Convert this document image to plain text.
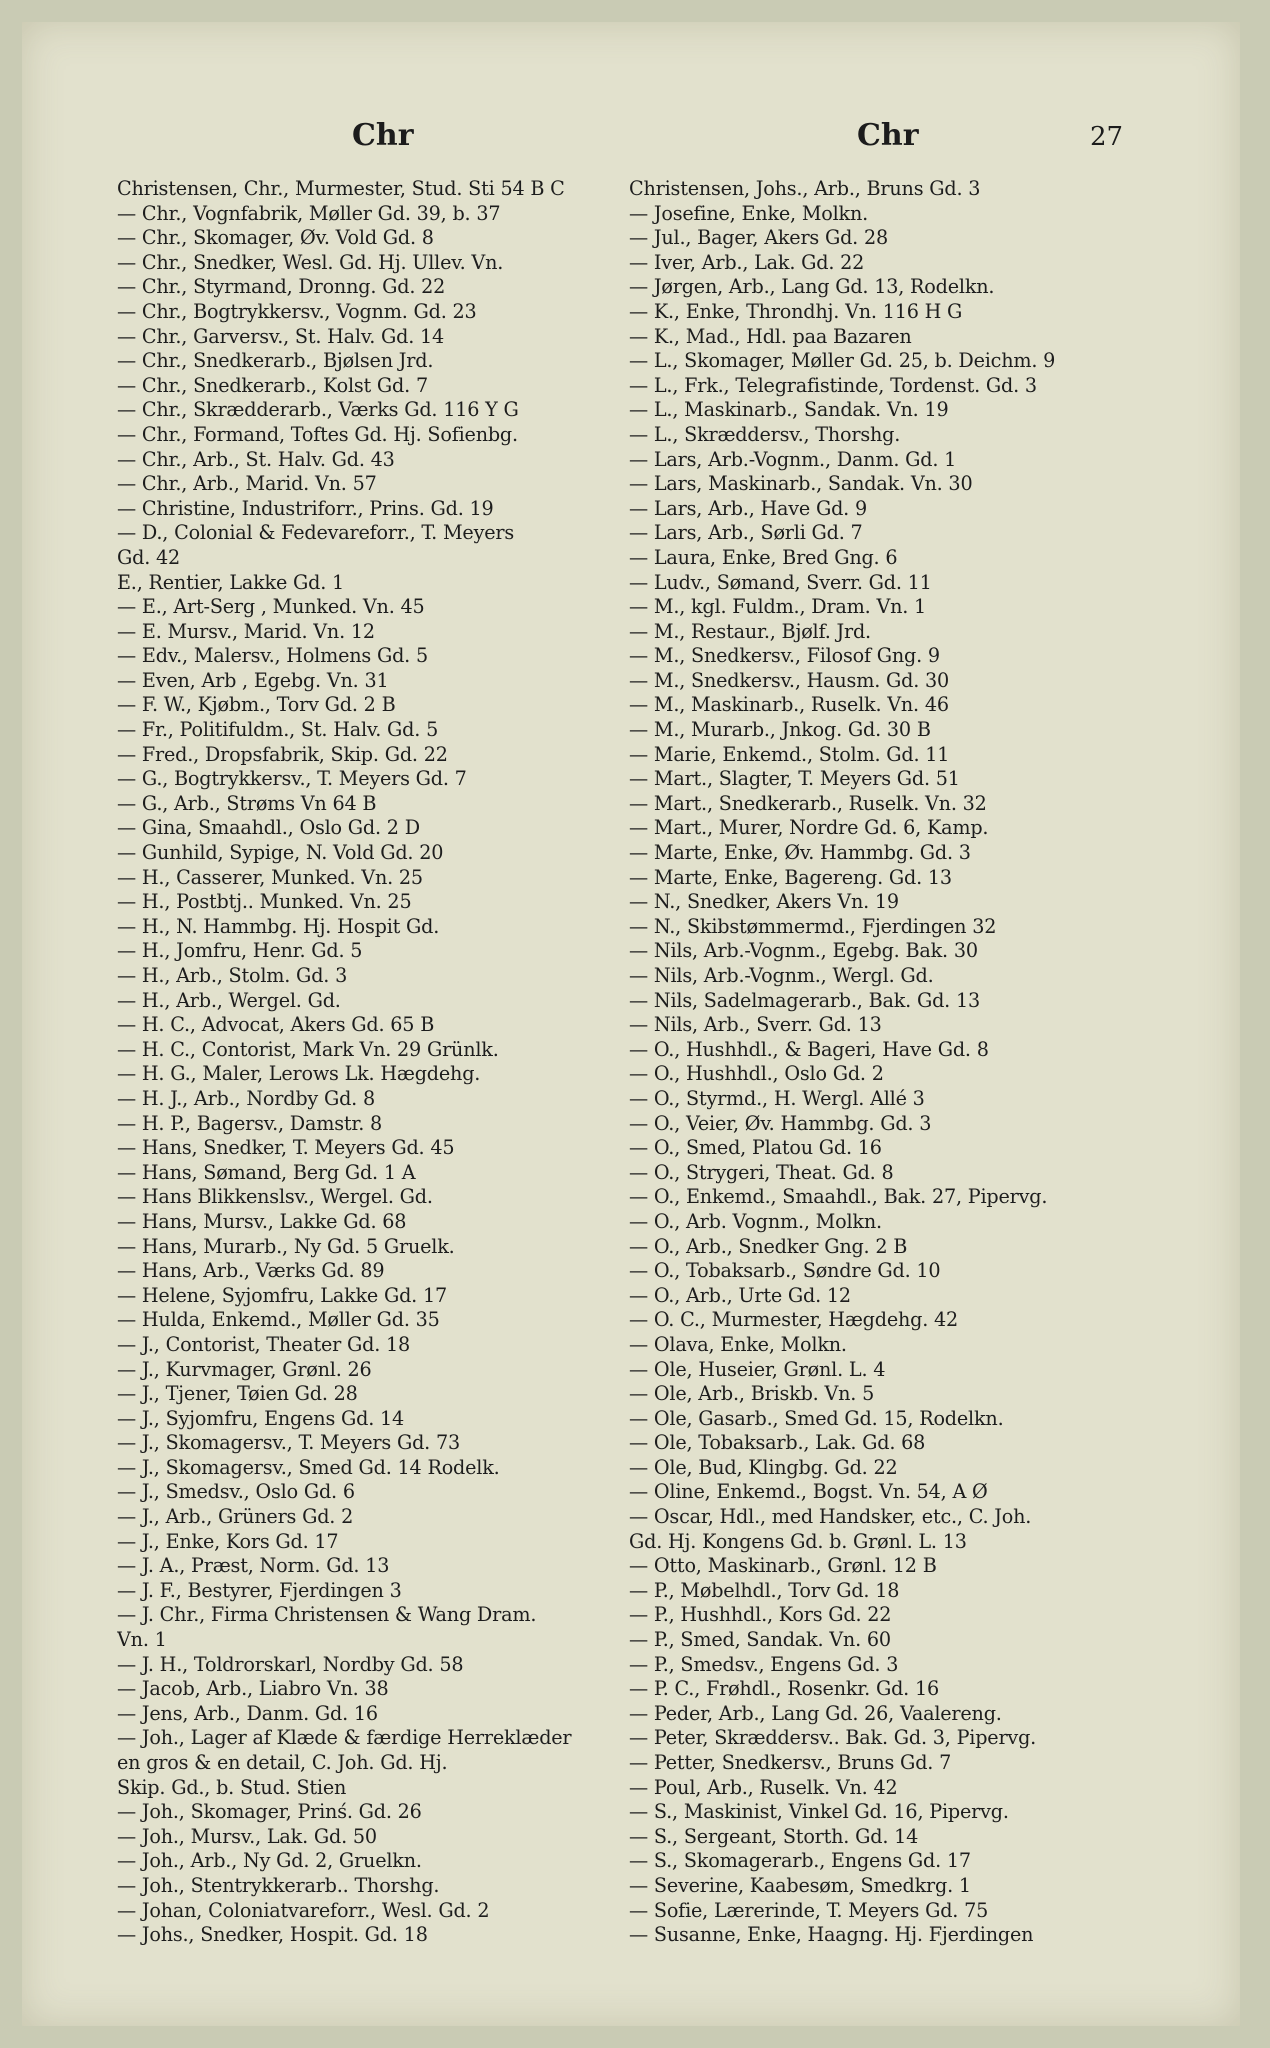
Chr	Chr	27
Christensen, Chr., Murmester, Stud. Sti 54 B C
— Chr., Vognfabrik, Møller Gd. 39, b. 37
— Chr., Skomager, Øv. Vold Gd. 8
— Chr., Snedker, Wesl. Gd. Hj. Ullev. Vn.
— Chr., Styrmand, Dronng. Gd. 22
— Chr., Bogtrykkersv., Vognm. Gd. 23
— Chr., Garversv., St. Halv. Gd. 14
— Chr., Snedkerarb., Bjølsen Jrd.
— Chr., Snedkerarb., Kolst Gd. 7
— Chr., Skrædderarb., Værks Gd. 116 Y G
— Chr., Formand, Toftes Gd. Hj. Sofienbg.
— Chr., Arb., St. Halv. Gd. 43
— Chr., Arb., Marid. Vn. 57
— Christine, Industriforr., Prins. Gd. 19
— D., Colonial & Fedevareforr., T. Meyers
Gd. 42
E., Rentier, Lakke Gd. 1
— E., Art-Serg , Munked. Vn. 45
— E. Mursv., Marid. Vn. 12
— Edv., Malersv., Holmens Gd. 5
— Even, Arb , Egebg. Vn. 31
— F. W., Kjøbm., Torv Gd. 2 B
— Fr., Politifuldm., St. Halv. Gd. 5
— Fred., Dropsfabrik, Skip. Gd. 22
— G., Bogtrykkersv., T. Meyers Gd. 7
— G., Arb., Strøms Vn 64 B
— Gina, Smaahdl., Oslo Gd. 2 D
— Gunhild, Sypige, N. Vold Gd. 20
— H., Casserer, Munked. Vn. 25
— H., Postbtj.. Munked. Vn. 25
— H., N. Hammbg. Hj. Hospit Gd.
— H., Jomfru, Henr. Gd. 5
— H., Arb., Stolm. Gd. 3
— H., Arb., Wergel. Gd.
— H. C., Advocat, Akers Gd. 65 B
— H. C., Contorist, Mark Vn. 29 Grünlk.
— H. G., Maler, Lerows Lk. Hægdehg.
— H. J., Arb., Nordby Gd. 8
— H. P., Bagersv., Damstr. 8
— Hans, Snedker, T. Meyers Gd. 45
— Hans, Sømand, Berg Gd. 1 A
— Hans Blikkenslsv., Wergel. Gd.
— Hans, Mursv., Lakke Gd. 68
— Hans, Murarb., Ny Gd. 5 Gruelk.
— Hans, Arb., Værks Gd. 89
— Helene, Syjomfru, Lakke Gd. 17
— Hulda, Enkemd., Møller Gd. 35
— J., Contorist, Theater Gd. 18
— J., Kurvmager, Grønl. 26
— J., Tjener, Tøien Gd. 28
— J., Syjomfru, Engens Gd. 14
— J., Skomagersv., T. Meyers Gd. 73
— J., Skomagersv., Smed Gd. 14 Rodelk.
— J., Smedsv., Oslo Gd. 6
— J., Arb., Grüners Gd. 2
— J., Enke, Kors Gd. 17
— J. A., Præst, Norm. Gd. 13
— J. F., Bestyrer, Fjerdingen 3
— J. Chr., Firma Christensen & Wang Dram.
Vn. 1
— J. H., Toldrorskarl, Nordby Gd. 58
— Jacob, Arb., Liabro Vn. 38
— Jens, Arb., Danm. Gd. 16
— Joh., Lager af Klæde & færdige Herreklæder
en gros & en detail, C. Joh. Gd. Hj.
Skip. Gd., b. Stud. Stien
— Joh., Skomager, Prinś. Gd. 26
— Joh., Mursv., Lak. Gd. 50
— Joh., Arb., Ny Gd. 2, Gruelkn.
— Joh., Stentrykkerarb.. Thorshg.
— Johan, Coloniatvareforr., Wesl. Gd. 2
— Johs., Snedker, Hospit. Gd. 18
Christensen, Johs., Arb., Bruns Gd. 3
— Josefine, Enke, Molkn.
— Jul., Bager, Akers Gd. 28
— Iver, Arb., Lak. Gd. 22
— Jørgen, Arb., Lang Gd. 13, Rodelkn.
— K., Enke, Throndhj. Vn. 116 H G
— K., Mad., Hdl. paa Bazaren
— L., Skomager, Møller Gd. 25, b. Deichm. 9
— L., Frk., Telegrafistinde, Tordenst. Gd. 3
— L., Maskinarb., Sandak. Vn. 19
— L., Skræddersv., Thorshg.
— Lars, Arb.-Vognm., Danm. Gd. 1
— Lars, Maskinarb., Sandak. Vn. 30
— Lars, Arb., Have Gd. 9
— Lars, Arb., Sørli Gd. 7
— Laura, Enke, Bred Gng. 6
— Ludv., Sømand, Sverr. Gd. 11
— M., kgl. Fuldm., Dram. Vn. 1
— M., Restaur., Bjølf. Jrd.
— M., Snedkersv., Filosof Gng. 9
— M., Snedkersv., Hausm. Gd. 30
— M., Maskinarb., Ruselk. Vn. 46
— M., Murarb., Jnkog. Gd. 30 B
— Marie, Enkemd., Stolm. Gd. 11
— Mart., Slagter, T. Meyers Gd. 51
— Mart., Snedkerarb., Ruselk. Vn. 32
— Mart., Murer, Nordre Gd. 6, Kamp.
— Marte, Enke, Øv. Hammbg. Gd. 3
— Marte, Enke, Bagereng. Gd. 13
— N., Snedker, Akers Vn. 19
— N., Skibstømmermd., Fjerdingen 32
— Nils, Arb.-Vognm., Egebg. Bak. 30
— Nils, Arb.-Vognm., Wergl. Gd.
— Nils, Sadelmagerarb., Bak. Gd. 13
— Nils, Arb., Sverr. Gd. 13
— O., Hushhdl., & Bageri, Have Gd. 8
— O., Hushhdl., Oslo Gd. 2
— O., Styrmd., H. Wergl. Allé 3
— O., Veier, Øv. Hammbg. Gd. 3
— O., Smed, Platou Gd. 16
— O., Strygeri, Theat. Gd. 8
— O., Enkemd., Smaahdl., Bak. 27, Pipervg.
— O., Arb. Vognm., Molkn.
— O., Arb., Snedker Gng. 2 B
— O., Tobaksarb., Søndre Gd. 10
— O., Arb., Urte Gd. 12
— O. C., Murmester, Hægdehg. 42
— Olava, Enke, Molkn.
— Ole, Huseier, Grønl. L. 4
— Ole, Arb., Briskb. Vn. 5
— Ole, Gasarb., Smed Gd. 15, Rodelkn.
— Ole, Tobaksarb., Lak. Gd. 68
— Ole, Bud, Klingbg. Gd. 22
— Oline, Enkemd., Bogst. Vn. 54, A Ø
— Oscar, Hdl., med Handsker, etc., C. Joh.
Gd. Hj. Kongens Gd. b. Grønl. L. 13
— Otto, Maskinarb., Grønl. 12 B
— P., Møbelhdl., Torv Gd. 18
— P., Hushhdl., Kors Gd. 22
— P., Smed, Sandak. Vn. 60
— P., Smedsv., Engens Gd. 3
— P. C., Frøhdl., Rosenkr. Gd. 16
— Peder, Arb., Lang Gd. 26, Vaalereng.
— Peter, Skræddersv.. Bak. Gd. 3, Pipervg.
— Petter, Snedkersv., Bruns Gd. 7
— Poul, Arb., Ruselk. Vn. 42
— S., Maskinist, Vinkel Gd. 16, Pipervg.
— S., Sergeant, Storth. Gd. 14
— S., Skomagerarb., Engens Gd. 17
— Severine, Kaabesøm, Smedkrg. 1
— Sofie, Lærerinde, T. Meyers Gd. 75
— Susanne, Enke, Haagng. Hj. Fjerdingen
